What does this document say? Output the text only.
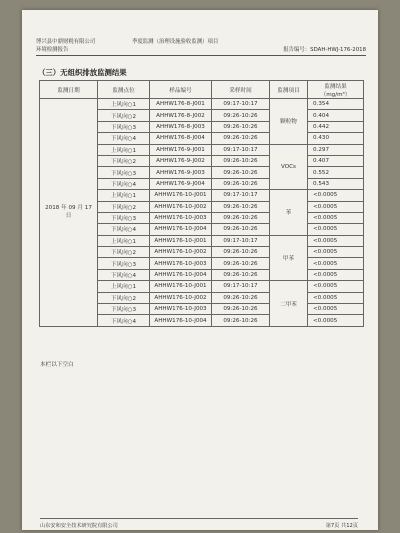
博兴县中鼎财税有限公司	季度监测（治理设施验收监测）项目
环境检测报告	报告编号：SDAH-HWJ-176-2018
（三）无组织排放监测结果
监测日期	监测点位	样品编号	采样时间	监测项目	监测结果
（mg/m³）
2018 年 09 月 17 日	上风向○1	AHHW176-8-J001	09:17-10:17	颗粒物	0.354
	下风向○2	AHHW176-8-J002	09:26-10:26		0.404
	下风向○3	AHHW176-8-J003	09:26-10:26		0.442
	下风向○4	AHHW176-8-J004	09:26-10:26		0.430
	上风向○1	AHHW176-9-J001	09:17-10:17	VOCs	0.297
	下风向○2	AHHW176-9-J002	09:26-10:26		0.407
	下风向○3	AHHW176-9-J003	09:26-10:26		0.552
	下风向○4	AHHW176-9-J004	09:26-10:26		0.543
	上风向○1	AHHW176-10-J001	09:17-10:17	苯	<0.0005
	下风向○2	AHHW176-10-J002	09:26-10:26		<0.0005
	下风向○3	AHHW176-10-J003	09:26-10:26		<0.0005
	下风向○4	AHHW176-10-J004	09:26-10:26		<0.0005
	上风向○1	AHHW176-10-J001	09:17-10:17	甲苯	<0.0005
	下风向○2	AHHW176-10-J002	09:26-10:26		<0.0005
	下风向○3	AHHW176-10-J003	09:26-10:26		<0.0005
	下风向○4	AHHW176-10-J004	09:26-10:26		<0.0005
	上风向○1	AHHW176-10-J001	09:17-10:17	二甲苯	<0.0005
	下风向○2	AHHW176-10-J002	09:26-10:26		<0.0005
	下风向○3	AHHW176-10-J003	09:26-10:26		<0.0005
	下风向○4	AHHW176-10-J004	09:26-10:26		<0.0005
本栏以下空白
山东安和安全技术研究院有限公司	第7页 共12页
